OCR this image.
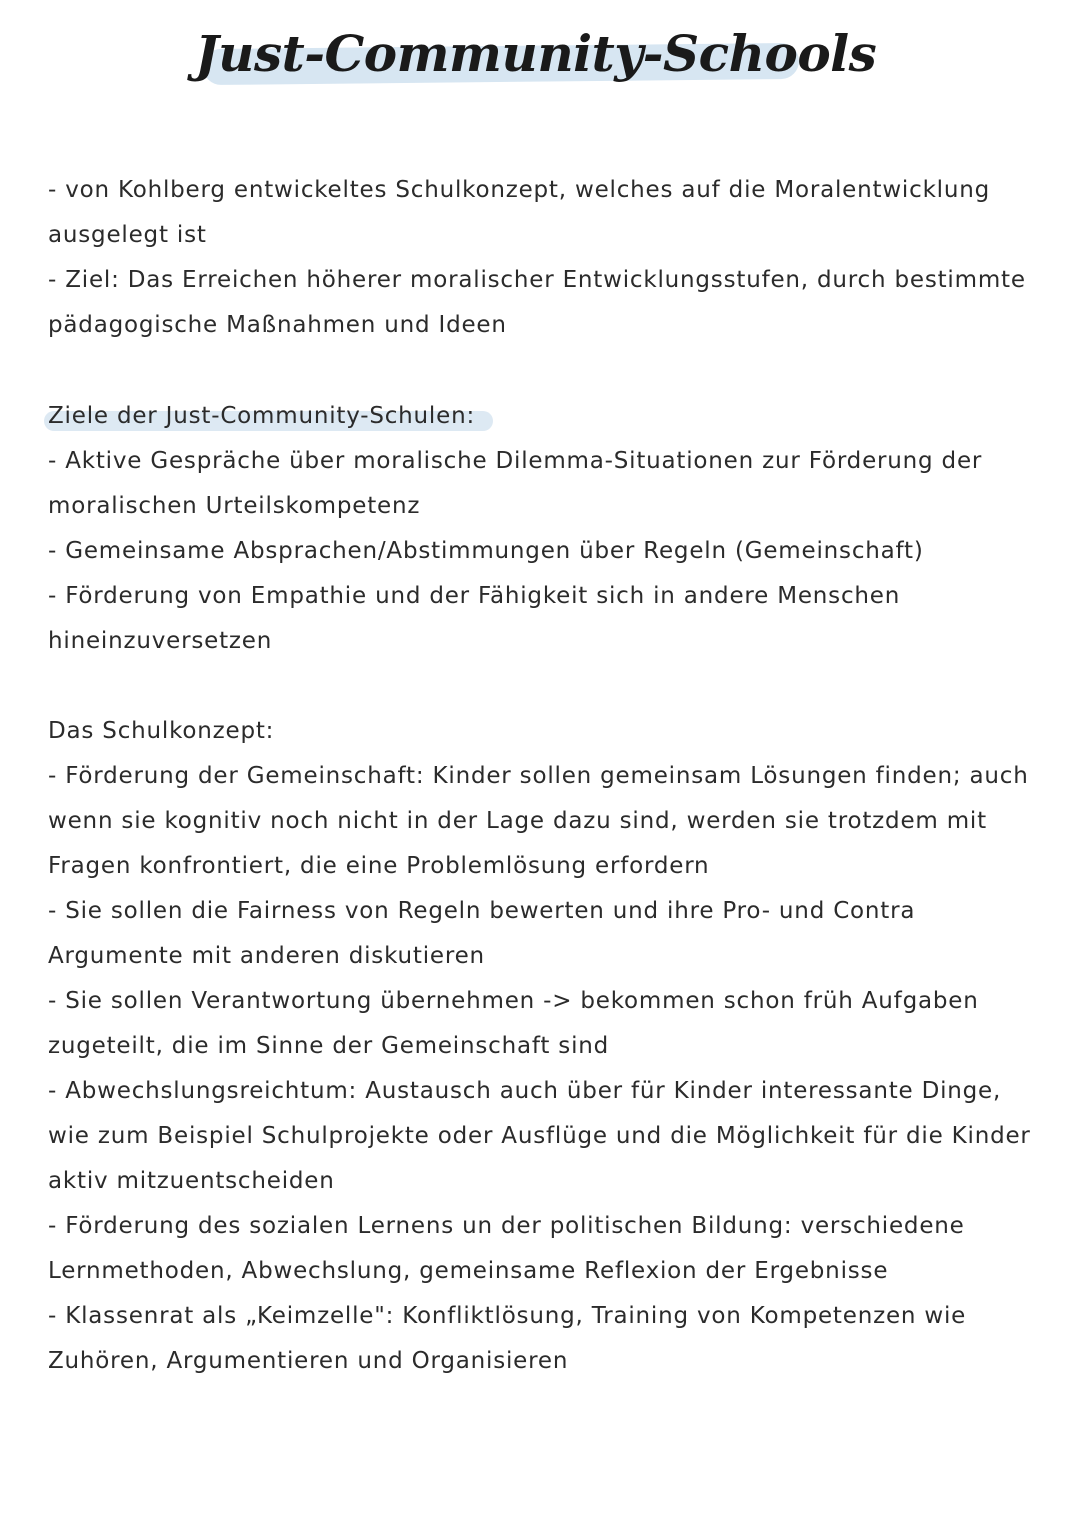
Just-Community-Schools
- von Kohlberg entwickeltes Schulkonzept, welches auf die Moralentwicklung
ausgelegt ist
- Ziel: Das Erreichen höherer moralischer Entwicklungsstufen, durch bestimmte
pädagogische Maßnahmen und Ideen
Ziele der Just-Community-Schulen:
- Aktive Gespräche über moralische Dilemma-Situationen zur Förderung der
moralischen Urteilskompetenz
- Gemeinsame Absprachen/Abstimmungen über Regeln (Gemeinschaft)
- Förderung von Empathie und der Fähigkeit sich in andere Menschen
hineinzuversetzen
Das Schulkonzept:
- Förderung der Gemeinschaft: Kinder sollen gemeinsam Lösungen finden; auch
wenn sie kognitiv noch nicht in der Lage dazu sind, werden sie trotzdem mit
Fragen konfrontiert, die eine Problemlösung erfordern
- Sie sollen die Fairness von Regeln bewerten und ihre Pro- und Contra
Argumente mit anderen diskutieren
- Sie sollen Verantwortung übernehmen -> bekommen schon früh Aufgaben
zugeteilt, die im Sinne der Gemeinschaft sind
- Abwechslungsreichtum: Austausch auch über für Kinder interessante Dinge,
wie zum Beispiel Schulprojekte oder Ausflüge und die Möglichkeit für die Kinder
aktiv mitzuentscheiden
- Förderung des sozialen Lernens un der politischen Bildung: verschiedene
Lernmethoden, Abwechslung, gemeinsame Reflexion der Ergebnisse
- Klassenrat als „Keimzelle": Konfliktlösung, Training von Kompetenzen wie
Zuhören, Argumentieren und Organisieren
